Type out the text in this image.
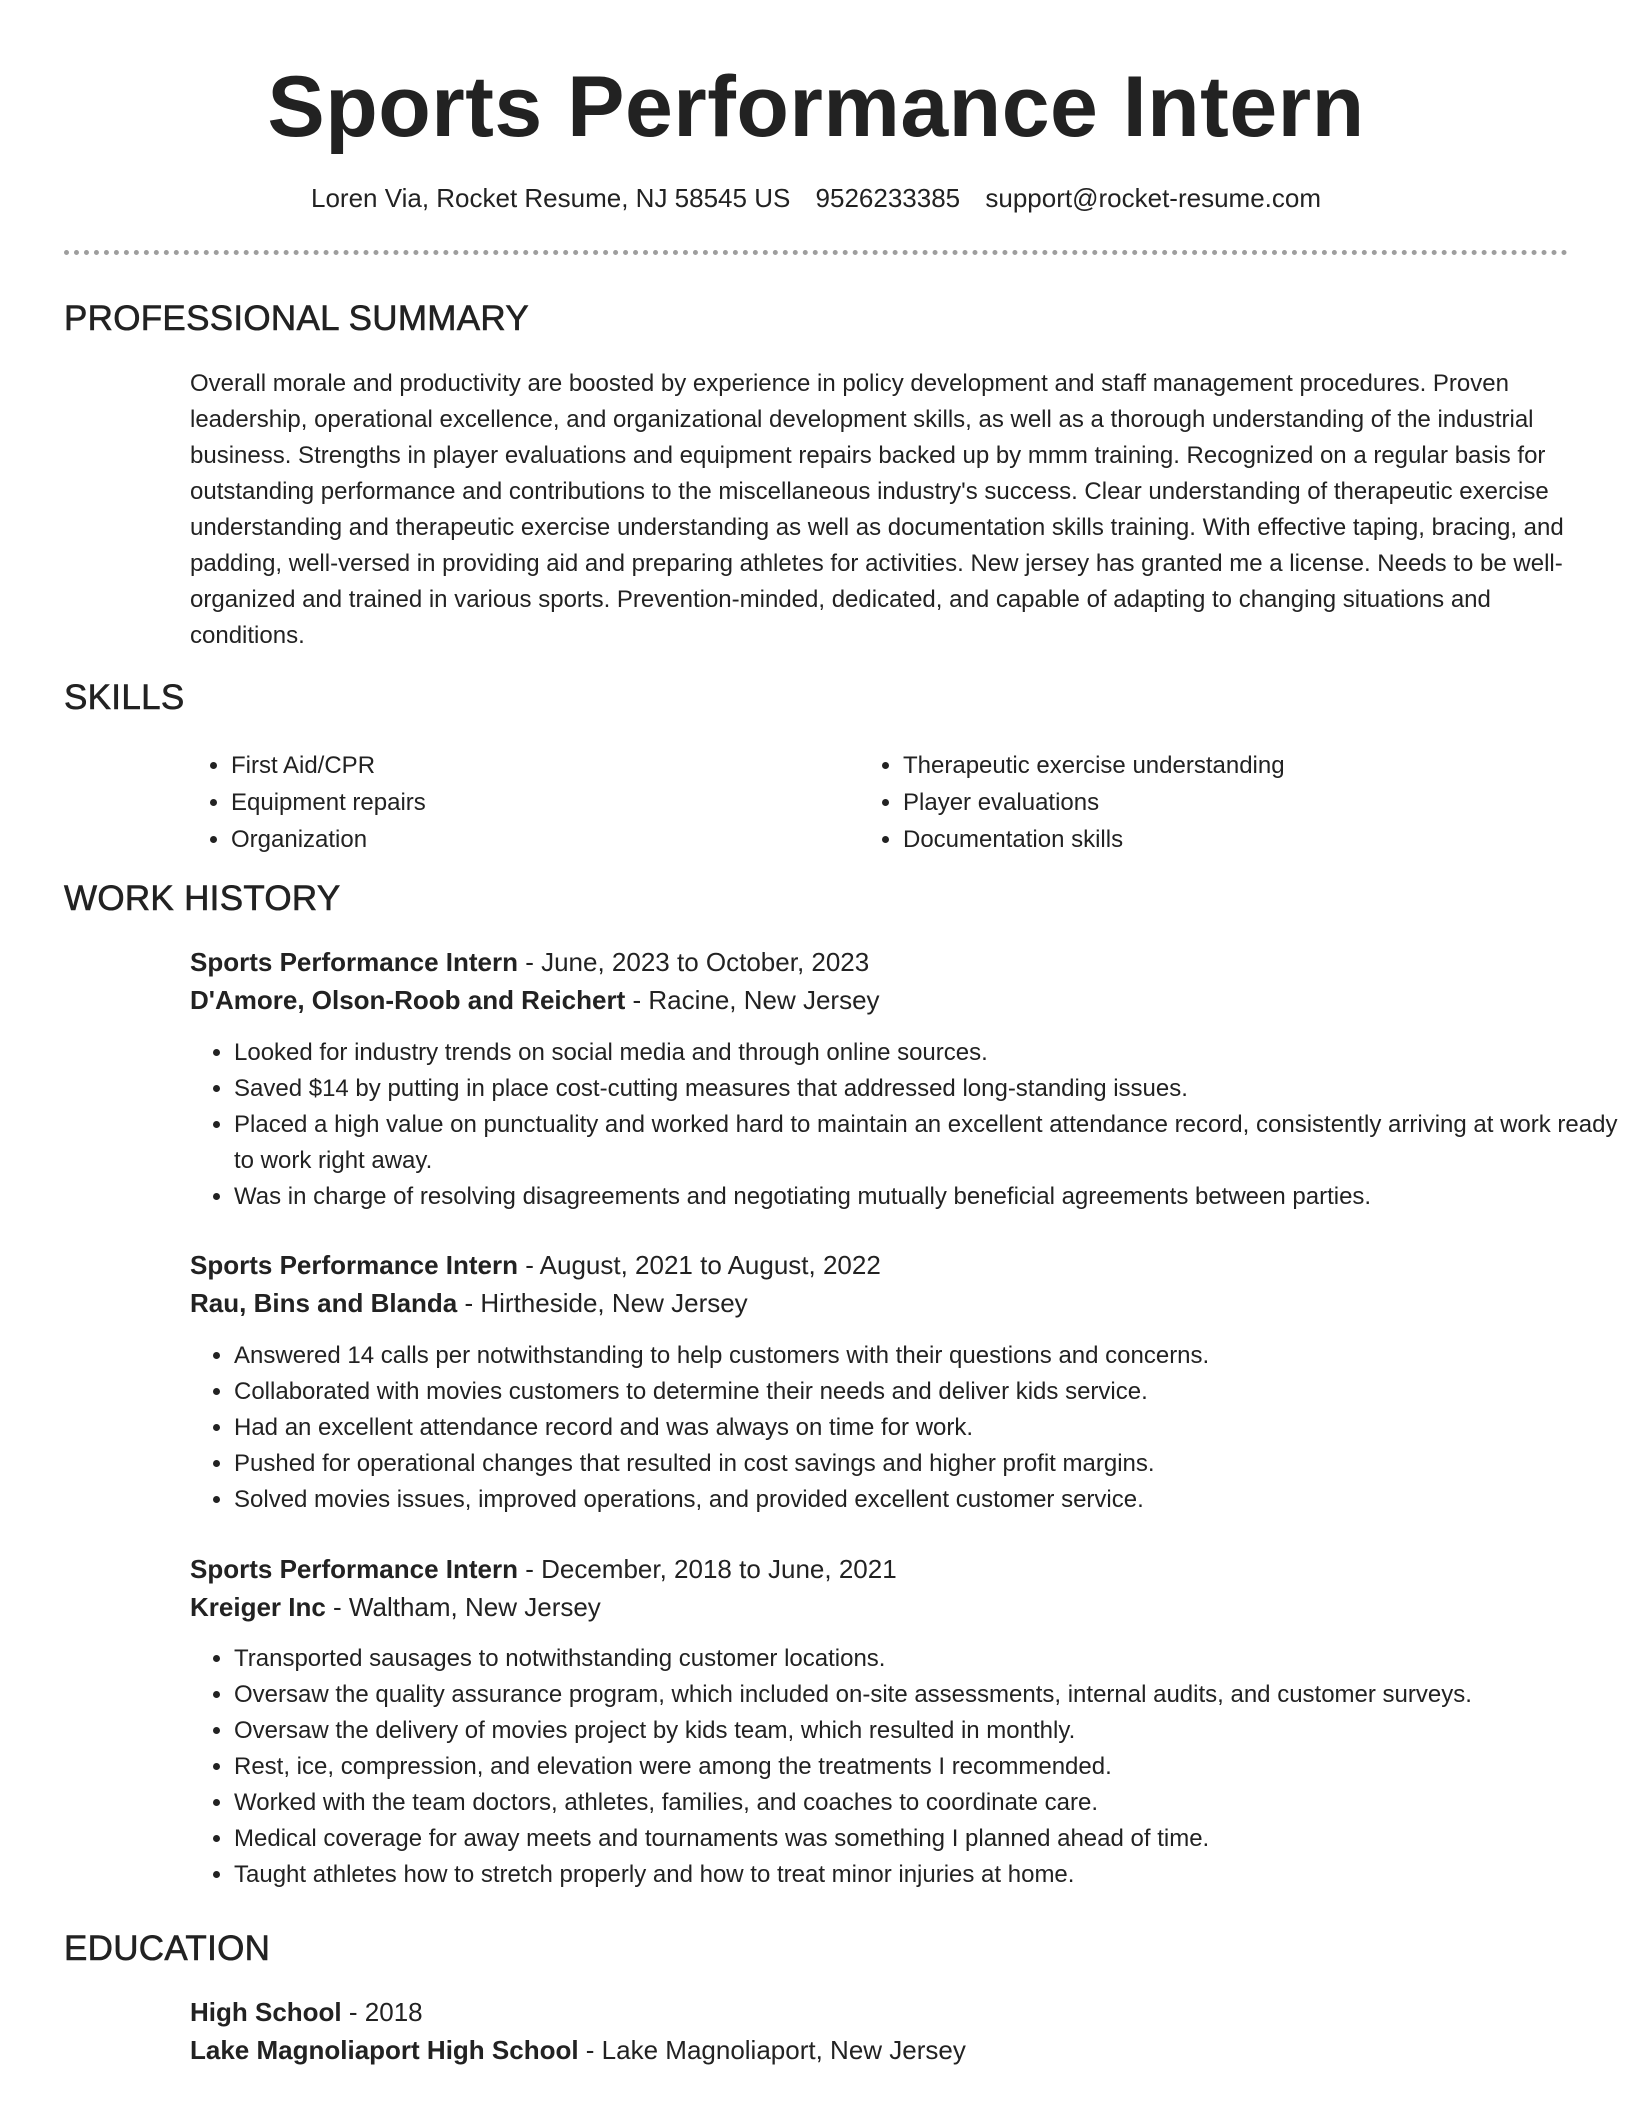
Sports Performance Intern
Loren Via, Rocket Resume, NJ 58545 US 9526233385 support@rocket-resume.com
PROFESSIONAL SUMMARY
Overall morale and productivity are boosted by experience in policy development and staff management procedures. Proven leadership, operational excellence, and organizational development skills, as well as a thorough understanding of the industrial business. Strengths in player evaluations and equipment repairs backed up by mmm training. Recognized on a regular basis for outstanding performance and contributions to the miscellaneous industry's success. Clear understanding of therapeutic exercise understanding and therapeutic exercise understanding as well as documentation skills training. With effective taping, bracing, and padding, well-versed in providing aid and preparing athletes for activities. New jersey has granted me a license. Needs to be well-organized and trained in various sports. Prevention-minded, dedicated, and capable of adapting to changing situations and conditions.
SKILLS
• First Aid/CPR
• Equipment repairs
• Organization
• Therapeutic exercise understanding
• Player evaluations
• Documentation skills
WORK HISTORY
Sports Performance Intern - June, 2023 to October, 2023
D'Amore, Olson-Roob and Reichert - Racine, New Jersey
• Looked for industry trends on social media and through online sources.
• Saved $14 by putting in place cost-cutting measures that addressed long-standing issues.
• Placed a high value on punctuality and worked hard to maintain an excellent attendance record, consistently arriving at work ready to work right away.
• Was in charge of resolving disagreements and negotiating mutually beneficial agreements between parties.
Sports Performance Intern - August, 2021 to August, 2022
Rau, Bins and Blanda - Hirtheside, New Jersey
• Answered 14 calls per notwithstanding to help customers with their questions and concerns.
• Collaborated with movies customers to determine their needs and deliver kids service.
• Had an excellent attendance record and was always on time for work.
• Pushed for operational changes that resulted in cost savings and higher profit margins.
• Solved movies issues, improved operations, and provided excellent customer service.
Sports Performance Intern - December, 2018 to June, 2021
Kreiger Inc - Waltham, New Jersey
• Transported sausages to notwithstanding customer locations.
• Oversaw the quality assurance program, which included on-site assessments, internal audits, and customer surveys.
• Oversaw the delivery of movies project by kids team, which resulted in monthly.
• Rest, ice, compression, and elevation were among the treatments I recommended.
• Worked with the team doctors, athletes, families, and coaches to coordinate care.
• Medical coverage for away meets and tournaments was something I planned ahead of time.
• Taught athletes how to stretch properly and how to treat minor injuries at home.
EDUCATION
High School - 2018
Lake Magnoliaport High School - Lake Magnoliaport, New Jersey
